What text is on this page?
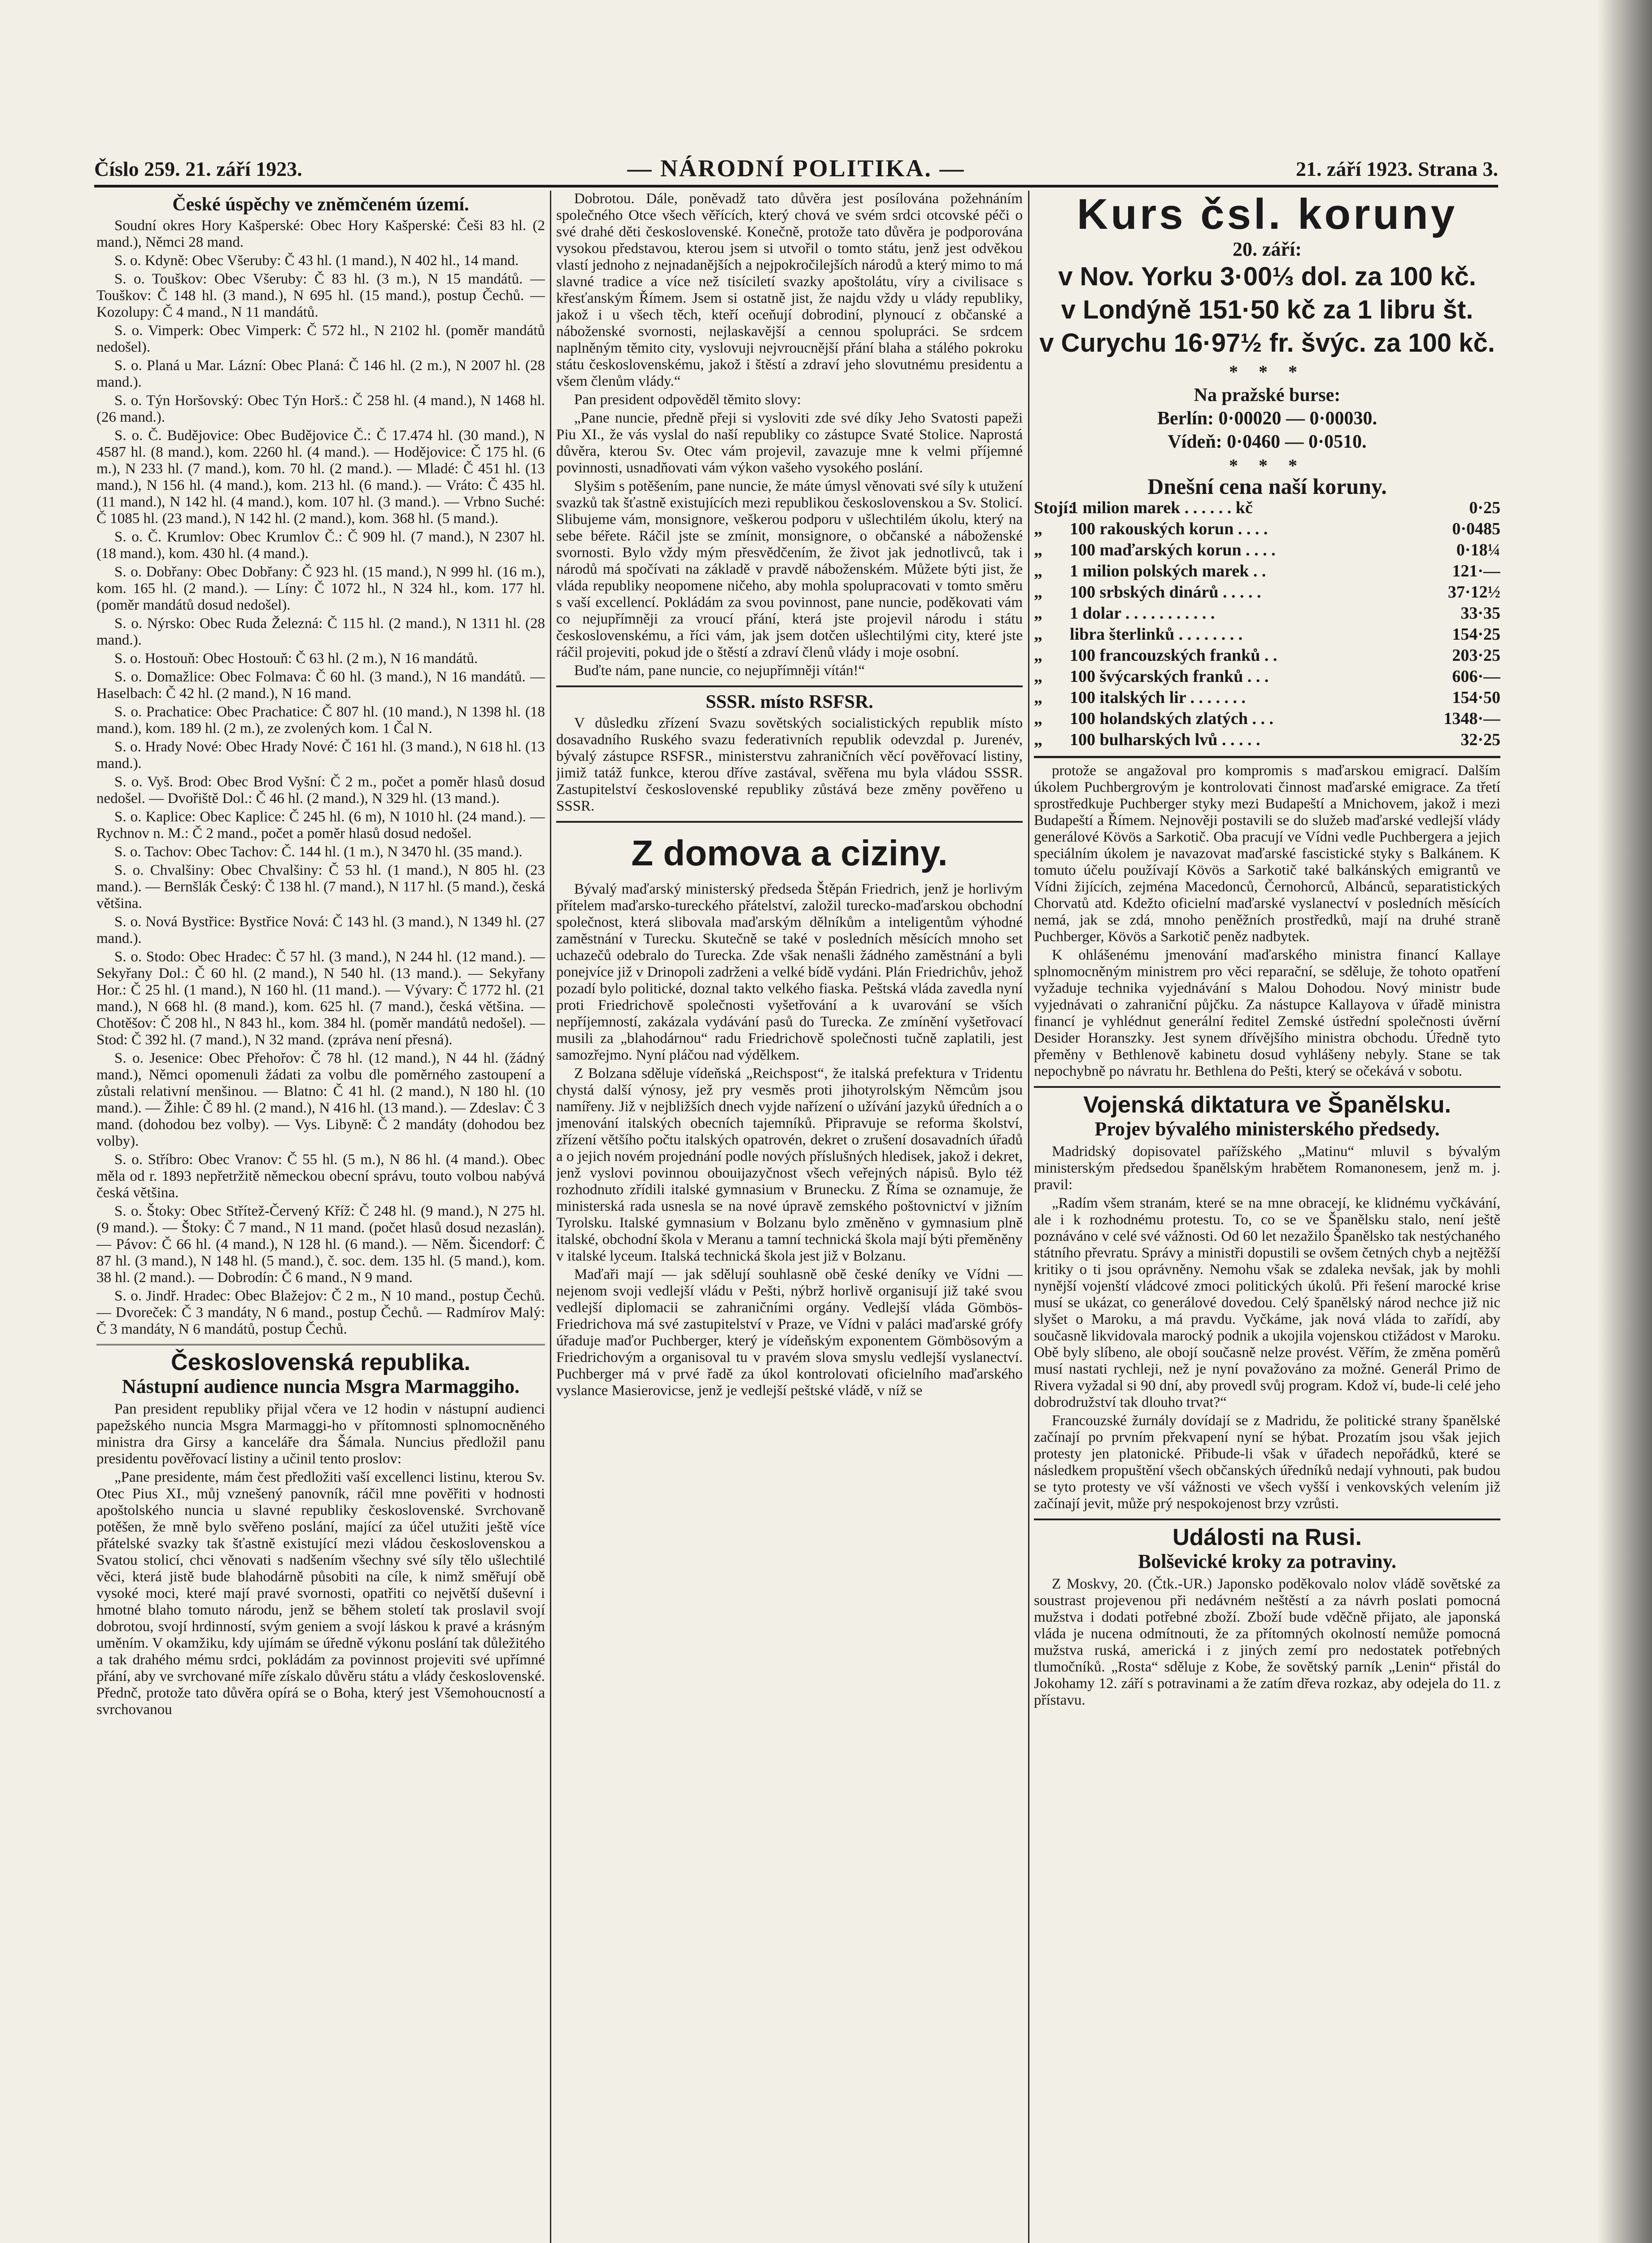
Číslo 259. 21. září 1923.	— NÁRODNÍ POLITIKA. —	21. září 1923. Strana 3.
České úspěchy ve zněmčeném území.

Soudní okres Hory Kašperské: Obec Hory Kašperské: Češi 83 hl. (2 mand.), Němci 28 mand.

S. o. Kdyně: Obec Všeruby: Č 43 hl. (1 mand.), N 402 hl., 14 mand.

S. o. Touškov: Obec Všeruby: Č 83 hl. (3 m.), N 15 mandátů. — Touškov: Č 148 hl. (3 mand.), N 695 hl. (15 mand.), postup Čechů. — Kozolupy: Č 4 mand., N 11 mandátů.

S. o. Vimperk: Obec Vimperk: Č 572 hl., N 2102 hl. (poměr mandátů nedošel).

S. o. Planá u Mar. Lázní: Obec Planá: Č 146 hl. (2 m.), N 2007 hl. (28 mand.).

S. o. Týn Horšovský: Obec Týn Horš.: Č 258 hl. (4 mand.), N 1468 hl. (26 mand.).

S. o. Č. Budějovice: Obec Budějovice Č.: Č 17.474 hl. (30 mand.), N 4587 hl. (8 mand.), kom. 2260 hl. (4 mand.). — Hodějovice: Č 175 hl. (6 m.), N 233 hl. (7 mand.), kom. 70 hl. (2 mand.). — Mladé: Č 451 hl. (13 mand.), N 156 hl. (4 mand.), kom. 213 hl. (6 mand.). — Vráto: Č 435 hl. (11 mand.), N 142 hl. (4 mand.), kom. 107 hl. (3 mand.). — Vrbno Suché: Č 1085 hl. (23 mand.), N 142 hl. (2 mand.), kom. 368 hl. (5 mand.).

S. o. Č. Krumlov: Obec Krumlov Č.: Č 909 hl. (7 mand.), N 2307 hl. (18 mand.), kom. 430 hl. (4 mand.).

S. o. Dobřany: Obec Dobřany: Č 923 hl. (15 mand.), N 999 hl. (16 m.), kom. 165 hl. (2 mand.). — Líny: Č 1072 hl., N 324 hl., kom. 177 hl. (poměr mandátů dosud nedošel).

S. o. Nýrsko: Obec Ruda Železná: Č 115 hl. (2 mand.), N 1311 hl. (28 mand.).

S. o. Hostouň: Obec Hostouň: Č 63 hl. (2 m.), N 16 mandátů.

S. o. Domažlice: Obec Folmava: Č 60 hl. (3 mand.), N 16 mandátů. — Haselbach: Č 42 hl. (2 mand.), N 16 mand.

S. o. Prachatice: Obec Prachatice: Č 807 hl. (10 mand.), N 1398 hl. (18 mand.), kom. 189 hl. (2 m.), ze zvolených kom. 1 Čal N.

S. o. Hrady Nové: Obec Hrady Nové: Č 161 hl. (3 mand.), N 618 hl. (13 mand.).

S. o. Vyš. Brod: Obec Brod Vyšní: Č 2 m., počet a poměr hlasů dosud nedošel. — Dvořiště Dol.: Č 46 hl. (2 mand.), N 329 hl. (13 mand.).

S. o. Kaplice: Obec Kaplice: Č 245 hl. (6 m), N 1010 hl. (24 mand.). — Rychnov n. M.: Č 2 mand., počet a poměr hlasů dosud nedošel.

S. o. Tachov: Obec Tachov: Č. 144 hl. (1 m.), N 3470 hl. (35 mand.).

S. o. Chvalšiny: Obec Chvalšiny: Č 53 hl. (1 mand.), N 805 hl. (23 mand.). — Bernšlák Český: Č 138 hl. (7 mand.), N 117 hl. (5 mand.), česká většina.

S. o. Nová Bystřice: Bystřice Nová: Č 143 hl. (3 mand.), N 1349 hl. (27 mand.).

S. o. Stodo: Obec Hradec: Č 57 hl. (3 mand.), N 244 hl. (12 mand.). — Sekyřany Dol.: Č 60 hl. (2 mand.), N 540 hl. (13 mand.). — Sekyřany Hor.: Č 25 hl. (1 mand.), N 160 hl. (11 mand.). — Vývary: Č 1772 hl. (21 mand.), N 668 hl. (8 mand.), kom. 625 hl. (7 mand.), česká většina. — Chotěšov: Č 208 hl., N 843 hl., kom. 384 hl. (poměr mandátů nedošel). — Stod: Č 392 hl. (7 mand.), N 32 mand. (zpráva není přesná).

S. o. Jesenice: Obec Přehořov: Č 78 hl. (12 mand.), N 44 hl. (žádný mand.), Němci opomenuli žádati za volbu dle poměrného zastoupení a zůstali relativní menšinou. — Blatno: Č 41 hl. (2 mand.), N 180 hl. (10 mand.). — Žihle: Č 89 hl. (2 mand.), N 416 hl. (13 mand.). — Zdeslav: Č 3 mand. (dohodou bez volby). — Vys. Libyně: Č 2 mandáty (dohodou bez volby).

S. o. Stříbro: Obec Vranov: Č 55 hl. (5 m.), N 86 hl. (4 mand.). Obec měla od r. 1893 nepřetržitě německou obecní správu, touto volbou nabývá česká většina.

S. o. Štoky: Obec Střítež-Červený Kříž: Č 248 hl. (9 mand.), N 275 hl. (9 mand.). — Štoky: Č 7 mand., N 11 mand. (počet hlasů dosud nezaslán). — Pávov: Č 66 hl. (4 mand.), N 128 hl. (6 mand.). — Něm. Šicendorf: Č 87 hl. (3 mand.), N 148 hl. (5 mand.), č. soc. dem. 135 hl. (5 mand.), kom. 38 hl. (2 mand.). — Dobrodín: Č 6 mand., N 9 mand.

S. o. Jindř. Hradec: Obec Blažejov: Č 2 m., N 10 mand., postup Čechů. — Dvoreček: Č 3 mandáty, N 6 mand., postup Čechů. — Radmírov Malý: Č 3 mandáty, N 6 mandátů, postup Čechů.

Československá republika.
Nástupní audience nuncia Msgra Marmaggiho.

Pan president republiky přijal včera ve 12 hodin v nástupní audienci papežského nuncia Msgra Marmaggi-ho v přítomnosti splnomocněného ministra dra Girsy a kanceláře dra Šámala. Nuncius předložil panu presidentu pověřovací listiny a učinil tento proslov:

„Pane presidente, mám čest předložiti vaší excellenci listinu, kterou Sv. Otec Pius XI., můj vznešený panovník, ráčil mne pověřiti v hodnosti apoštolského nuncia u slavné republiky československé. Svrchovaně potěšen, že mně bylo svěřeno poslání, mající za účel utužiti ještě více přátelské svazky tak šťastně existující mezi vládou československou a Svatou stolicí, chci věnovati s nadšením všechny své síly tělo ušlechtilé věci, která jistě bude blahodárně působiti na cíle, k nimž směřují obě vysoké moci, které mají pravé svornosti, opatřiti co největší duševní i hmotné blaho tomuto národu, jenž se během století tak proslavil svojí dobrotou, svojí hrdinností, svým geniem a svojí láskou k pravé a krásným uměním. V okamžiku, kdy ujímám se úředně výkonu poslání tak důležitého a tak drahého mému srdci, pokládám za povinnost projeviti své upřímné přání, aby ve svrchované míře získalo důvěru státu a vlády československé. Přednč, protože tato důvěra opírá se o Boha, který jest Všemohoucností a svrchovanou

Dobrotou. Dále, poněvadž tato důvěra jest posílována požehnáním společného Otce všech věřících, který chová ve svém srdci otcovské péči o své drahé děti československé. Konečně, protože tato důvěra je podporována vysokou představou, kterou jsem si utvořil o tomto státu, jenž jest odvěkou vlastí jednoho z nejnadanějších a nejpokročilejších národů a který mimo to má slavné tradice a více než tisíciletí svazky apoštolátu, víry a civilisace s křesťanským Římem. Jsem si ostatně jist, že najdu vždy u vlády republiky, jakož i u všech těch, kteří oceňují dobrodiní, plynoucí z občanské a náboženské svornosti, nejlaskavější a cennou spolupráci. Se srdcem naplněným těmito city, vyslovuji nejvroucnější přání blaha a stálého pokroku státu československému, jakož i štěstí a zdraví jeho slovutnému presidentu a všem členům vlády.“

Pan president odpověděl těmito slovy:

„Pane nuncie, předně přeji si vysloviti zde své díky Jeho Svatosti papeži Piu XI., že vás vyslal do naší republiky co zástupce Svaté Stolice. Naprostá důvěra, kterou Sv. Otec vám projevil, zavazuje mne k velmi příjemné povinnosti, usnadňovati vám výkon vašeho vysokého poslání.

Slyšim s potěšením, pane nuncie, že máte úmysl věnovati své síly k utužení svazků tak šťastně existujících mezi republikou československou a Sv. Stolicí. Slibujeme vám, monsignore, veškerou podporu v ušlechtilém úkolu, který na sebe béřete. Ráčil jste se zmínit, monsignore, o občanské a náboženské svornosti. Bylo vždy mým přesvědčením, že život jak jednotlivců, tak i národů má spočívati na základě v pravdě náboženském. Můžete býti jist, že vláda republiky neopomene ničeho, aby mohla spolupracovati v tomto směru s vaší excellencí. Pokládám za svou povinnost, pane nuncie, poděkovati vám co nejupřímněji za vroucí přání, která jste projevil národu i státu československému, a říci vám, jak jsem dotčen ušlechtilými city, které jste ráčil projeviti, pokud jde o štěstí a zdraví členů vlády i moje osobní.

Buďte nám, pane nuncie, co nejupřímněji vítán!“

SSSR. místo RSFSR.

V důsledku zřízení Svazu sovětských socialistických republik místo dosavadního Ruského svazu federativních republik odevzdal p. Jurenév, bývalý zástupce RSFSR., ministerstvu zahraničních věcí pověřovací listiny, jimiž tatáž funkce, kterou dříve zastával, svěřena mu byla vládou SSSR. Zastupitelství československé republiky zůstává beze změny pověřeno u SSSR.

Z domova a ciziny.

Bývalý maďarský ministerský předseda Štěpán Friedrich, jenž je horlivým přítelem maďarsko-tureckého přátelství, založil turecko-maďarskou obchodní společnost, která slibovala maďarským dělníkům a inteligentům výhodné zaměstnání v Turecku. Skutečně se také v posledních měsících mnoho set uchazečů odebralo do Turecka. Zde však nenašli žádného zaměstnání a byli ponejvíce již v Drinopoli zadrženi a velké bídě vydáni. Plán Friedrichův, jehož pozadí bylo politické, doznal takto velkého fiaska. Peštská vláda zavedla nyní proti Friedrichově společnosti vyšetřování a k uvarování se vších nepříjemností, zakázala vydávání pasů do Turecka. Ze zmínění vyšetřovací musili za „blahodárnou“ radu Friedrichově společnosti tučně zaplatili, jest samozřejmo. Nyní pláčou nad výdělkem.

Z Bolzana sděluje vídeňská „Reichspost“, že italská prefektura v Tridentu chystá další výnosy, jež pry vesměs proti jihotyrolským Němcům jsou namířeny. Již v nejbližších dnech vyjde nařízení o užívání jazyků úředních a o jmenování italských obecních tajemníků. Připravuje se reforma školství, zřízení většího počtu italských opatrovén, dekret o zrušení dosavadních úřadů a o jejich novém projednání podle nových příslušných hledisek, jakož i dekret, jenž vyslovi povinnou obouijazyčnost všech veřejných nápisů. Bylo též rozhodnuto zřídili italské gymnasium v Brunecku. Z Říma se oznamuje, že ministerská rada usnesla se na nové úpravě zemského poštovnictví v jižním Tyrolsku. Italské gymnasium v Bolzanu bylo změněno v gymnasium plně italské, obchodní škola v Meranu a tamní technická škola mají býti přeměněny v italské lyceum. Italská technická škola jest již v Bolzanu.

Maďaři mají — jak sdělují souhlasně obě české deníky ve Vídni — nejenom svoji vedlejší vládu v Pešti, nýbrž horlivě organisují již také svou vedlejší diplomacii se zahraničními orgány. Vedlejší vláda Gömbös-Friedrichova má své zastupitelství v Praze, ve Vídni v paláci maďarské grófy úřaduje maďor Puchberger, který je vídeňským exponentem Gömbösovým a Friedrichovým a organisoval tu v pravém slova smyslu vedlejší vyslanectví. Puchberger má v prvé řadě za úkol kontrolovati oficielního maďarského vyslance Masierovicse, jenž je vedlejší peštské vládě, v níž se

Kurs čsl. koruny
20. září:
v Nov. Yorku 3·00⅓ dol. za 100 kč.
v Londýně 151·50 kč za 1 libru št.
v Curychu 16·97½ fr. švýc. za 100 kč.
* * *
Na pražské burse:
Berlín: 0·00020 — 0·00030.
Vídeň: 0·0460 — 0·0510.
* * *
Dnešní cena naší koruny.
Stojí:
1 milion marek . . . . . . kč	0·25
„	100 rakouských korun . . . .	0·0485
„	100 maďarských korun . . . .	0·18¼
„	1 milion polských marek . .	121·—
„	100 srbských dinárů . . . . .	37·12½
„	1 dolar . . . . . . . . . . .	33·35
„	libra šterlinků . . . . . . . .	154·25
„	100 francouzských franků . .	203·25
„	100 švýcarských franků . . .	606·—
„	100 italských lir . . . . . . .	154·50
„	100 holandských zlatých . . .	1348·—
„	100 bulharských lvů . . . . .	32·25

protože se angažoval pro kompromis s maďarskou emigrací. Dalším úkolem Puchbergrovým je kontrolovati činnost maďarské emigrace. Za třetí sprostředkuje Puchberger styky mezi Budapeští a Mnichovem, jakož i mezi Budapeští a Římem. Nejnověji postavili se do služeb maďarské vedlejší vlády generálové Kövös a Sarkotič. Oba pracují ve Vídni vedle Puchbergera a jejich speciálním úkolem je navazovat maďarské fascistické styky s Balkánem. K tomuto účelu používají Kövös a Sarkotič také balkánských emigrantů ve Vídni žijících, zejména Macedonců, Černohorců, Albánců, separatistických Chorvatů atd. Kdežto oficielní maďarské vyslanectví v posledních měsících nemá, jak se zdá, mnoho peněžních prostředků, mají na druhé straně Puchberger, Kövös a Sarkotič peněz nadbytek.

K ohlášenému jmenování maďarského ministra financí Kallaye splnomocněným ministrem pro věci reparační, se sděluje, že tohoto opatření vyžaduje technika vyjednávání s Malou Dohodou. Nový ministr bude vyjednávati o zahraniční půjčku. Za nástupce Kallayova v úřadě ministra financí je vyhlédnut generální ředitel Zemské ústřední společnosti úvěrní Desider Horanszky. Jest synem dřívějšího ministra obchodu. Úředně tyto přeměny v Bethlenově kabinetu dosud vyhlášeny nebyly. Stane se tak nepochybně po návratu hr. Bethlena do Pešti, který se očekává v sobotu.

Vojenská diktatura ve Španělsku.
Projev bývalého ministerského předsedy.

Madridský dopisovatel pařížského „Matinu“ mluvil s bývalým ministerským předsedou španělským hrabětem Romanonesem, jenž m. j. pravil:

„Radím všem stranám, které se na mne obracejí, ke klidnému vyčkávání, ale i k rozhodnému protestu. To, co se ve Španělsku stalo, není ještě poznáváno v celé své vážnosti. Od 60 let nezažilo Španělsko tak nestýchaného státního převratu. Správy a ministři dopustili se ovšem četných chyb a nejtěžší kritiky o ti jsou oprávněny. Nemohu však se zdaleka nevšak, jak by mohli nynější vojenští vládcové zmoci politických úkolů. Při řešení marocké krise musí se ukázat, co generálové dovedou. Celý španělský národ nechce již nic slyšet o Maroku, a má pravdu. Vyčkáme, jak nová vláda to zařídí, aby současně likvidovala marocký podnik a ukojila vojenskou ctižádost v Maroku. Obě byly slíbeno, ale obojí současně nelze provést. Věřím, že změna poměrů musí nastati rychleji, než je nyní považováno za možné. Generál Primo de Rivera vyžadal si 90 dní, aby provedl svůj program. Kdož ví, bude-li celé jeho dobrodružství tak dlouho trvat?“

Francouzské žurnály dovídají se z Madridu, že politické strany španělské začínají po prvním překvapení nyní se hýbat. Prozatím jsou však jejich protesty jen platonické. Přibude-li však v úřadech nepořádků, které se následkem propuštění všech občanských úředníků nedají vyhnouti, pak budou se tyto protesty ve vší vážnosti ve všech vyšší i venkovských velením již začínají jevit, může prý nespokojenost brzy vzrůsti.

Události na Rusi.
Bolševické kroky za potraviny.

Z Moskvy, 20. (Čtk.-UR.) Japonsko poděkovalo nolov vládě sovětské za soustrast projevenou při nedávném neštěstí a za návrh poslati pomocná mužstva i dodati potřebné zboží. Zboží bude vděčně přijato, ale japonská vláda je nucena odmítnouti, že za přítomných okolností nemůže pomocná mužstva ruská, americká i z jiných zemí pro nedostatek potřebných tlumočníků. „Rosta“ sděluje z Kobe, že sovětský parník „Lenin“ přistál do Jokohamy 12. září s potravinami a že zatím dřeva rozkaz, aby odejela do 11. z přístavu.
